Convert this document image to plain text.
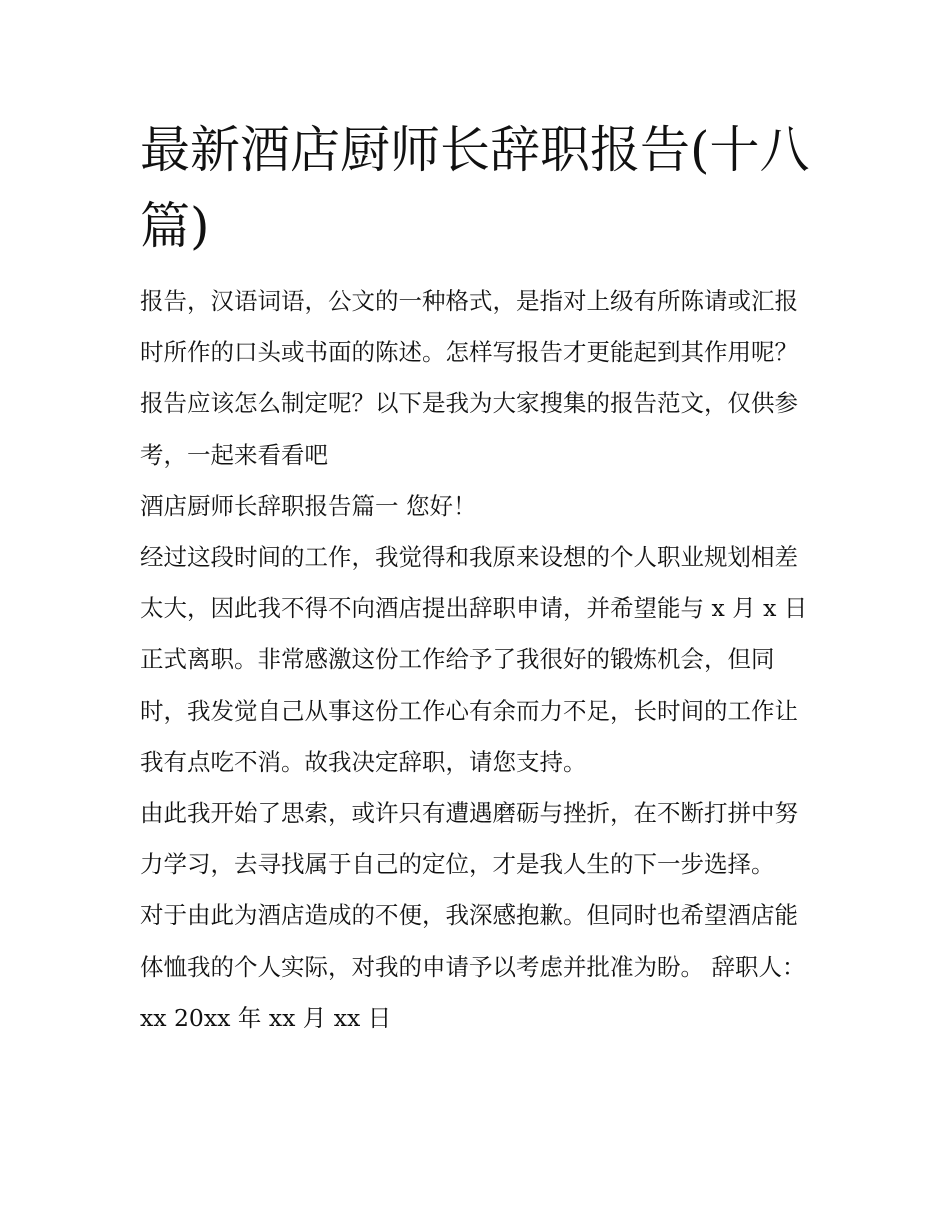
最新酒店厨师长辞职报告(十八篇)

报告，汉语词语，公文的一种格式，是指对上级有所陈请或汇报时所作的口头或书面的陈述。怎样写报告才更能起到其作用呢？报告应该怎么制定呢？以下是我为大家搜集的报告范文，仅供参考，一起来看看吧

酒店厨师长辞职报告篇一 您好！

经过这段时间的工作，我觉得和我原来设想的个人职业规划相差太大，因此我不得不向酒店提出辞职申请，并希望能与 x 月 x 日正式离职。非常感激这份工作给予了我很好的锻炼机会，但同时，我发觉自己从事这份工作心有余而力不足，长时间的工作让我有点吃不消。故我决定辞职，请您支持。

由此我开始了思索，或许只有遭遇磨砺与挫折，在不断打拼中努力学习，去寻找属于自己的定位，才是我人生的下一步选择。

对于由此为酒店造成的不便，我深感抱歉。但同时也希望酒店能体恤我的个人实际，对我的申请予以考虑并批准为盼。 辞职人：xx 20xx 年 xx 月 xx 日
